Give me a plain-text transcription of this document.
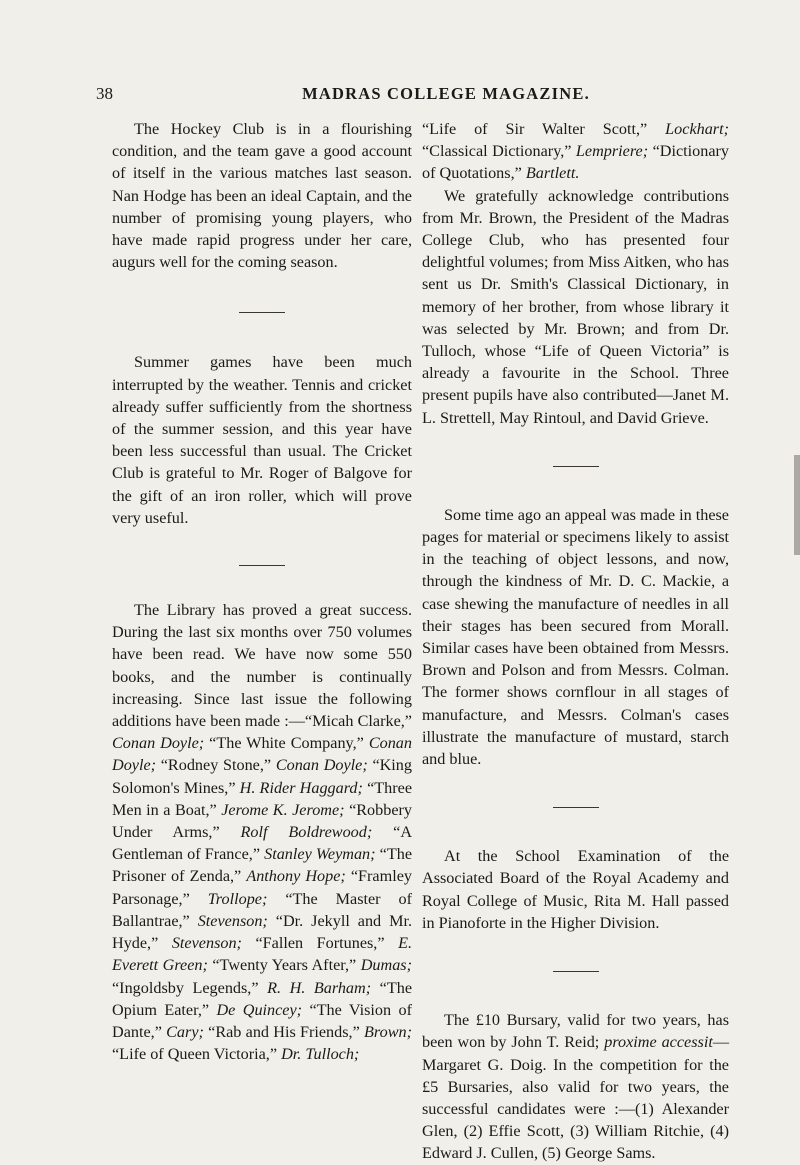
38	MADRAS COLLEGE MAGAZINE.

The Hockey Club is in a flourishing condition, and the team gave a good account of itself in the various matches last season. Nan Hodge has been an ideal Captain, and the number of promising young players, who have made rapid progress under her care, augurs well for the coming season.

Summer games have been much interrupted by the weather. Tennis and cricket already suffer sufficiently from the shortness of the summer session, and this year have been less successful than usual. The Cricket Club is grateful to Mr. Roger of Balgove for the gift of an iron roller, which will prove very useful.

The Library has proved a great success. During the last six months over 750 volumes have been read. We have now some 550 books, and the number is continually increasing. Since last issue the following additions have been made :—“Micah Clarke,” Conan Doyle; “The White Company,” Conan Doyle; “Rodney Stone,” Conan Doyle; “King Solomon's Mines,” H. Rider Haggard; “Three Men in a Boat,” Jerome K. Jerome; “Robbery Under Arms,” Rolf Boldrewood; “A Gentleman of France,” Stanley Weyman; “The Prisoner of Zenda,” Anthony Hope; “Framley Parsonage,” Trollope; “The Master of Ballantrae,” Stevenson; “Dr. Jekyll and Mr. Hyde,” Stevenson; “Fallen Fortunes,” E. Everett Green; “Twenty Years After,” Dumas; “Ingoldsby Legends,” R. H. Barham; “The Opium Eater,” De Quincey; “The Vision of Dante,” Cary; “Rab and His Friends,” Brown; “Life of Queen Victoria,” Dr. Tulloch;

“Life of Sir Walter Scott,” Lockhart; “Classical Dictionary,” Lempriere; “Dictionary of Quotations,” Bartlett.

We gratefully acknowledge contributions from Mr. Brown, the President of the Madras College Club, who has presented four delightful volumes; from Miss Aitken, who has sent us Dr. Smith's Classical Dictionary, in memory of her brother, from whose library it was selected by Mr. Brown; and from Dr. Tulloch, whose “Life of Queen Victoria” is already a favourite in the School. Three present pupils have also contributed—Janet M. L. Strettell, May Rintoul, and David Grieve.

Some time ago an appeal was made in these pages for material or specimens likely to assist in the teaching of object lessons, and now, through the kindness of Mr. D. C. Mackie, a case shewing the manufacture of needles in all their stages has been secured from Morall. Similar cases have been obtained from Messrs. Brown and Polson and from Messrs. Colman. The former shows cornflour in all stages of manufacture, and Messrs. Colman's cases illustrate the manufacture of mustard, starch and blue.

At the School Examination of the Associated Board of the Royal Academy and Royal College of Music, Rita M. Hall passed in Pianoforte in the Higher Division.

The £10 Bursary, valid for two years, has been won by John T. Reid; proxime accessit—Margaret G. Doig. In the competition for the £5 Bursaries, also valid for two years, the successful candidates were :—(1) Alexander Glen, (2) Effie Scott, (3) William Ritchie, (4) Edward J. Cullen, (5) George Sams.
